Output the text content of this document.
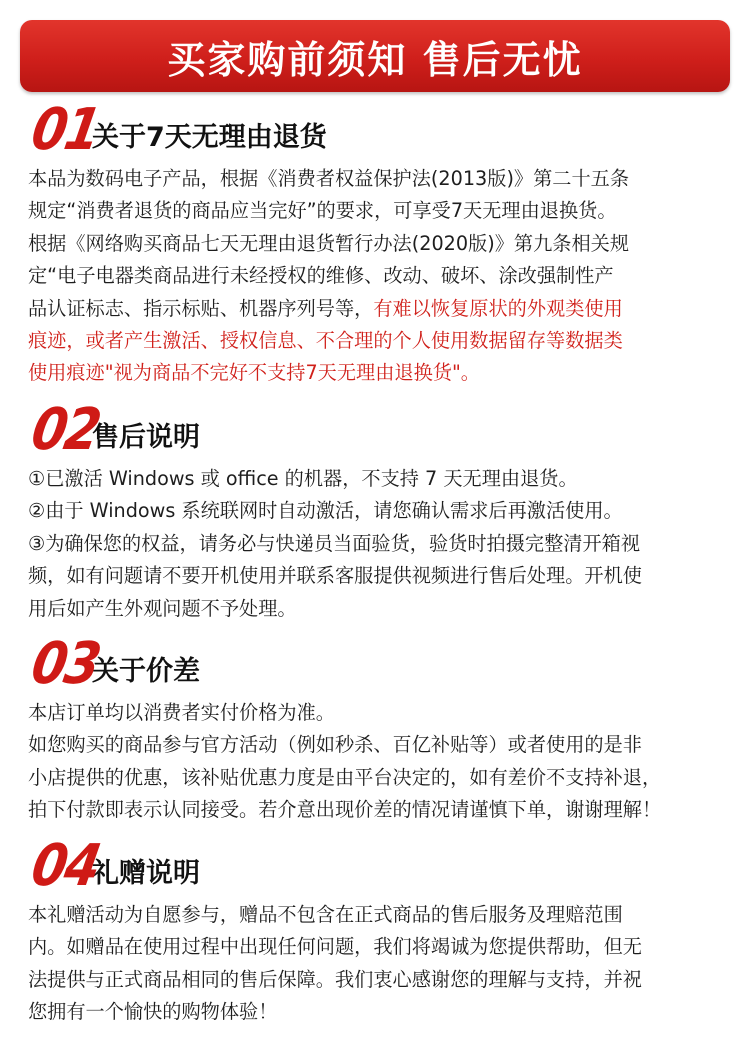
买家购前须知 售后无忧
01
关于7天无理由退货
本品为数码电子产品，根据《消费者权益保护法(2013版)》第二十五条
规定“消费者退货的商品应当完好”的要求，可享受7天无理由退换货。
根据《网络购买商品七天无理由退货暂行办法(2020版)》第九条相关规
定“电子电器类商品进行未经授权的维修、改动、破坏、涂改强制性产
品认证标志、指示标贴、机器序列号等，有难以恢复原状的外观类使用
痕迹，或者产生激活、授权信息、不合理的个人使用数据留存等数据类
使用痕迹"视为商品不完好不支持7天无理由退换货"。
02
售后说明
①已激活 Windows 或 office 的机器，不支持 7 天无理由退货。
②由于 Windows 系统联网时自动激活，请您确认需求后再激活使用。
③为确保您的权益，请务必与快递员当面验货，验货时拍摄完整清开箱视
频，如有问题请不要开机使用并联系客服提供视频进行售后处理。开机使
用后如产生外观问题不予处理。
03
关于价差
本店订单均以消费者实付价格为准。
如您购买的商品参与官方活动（例如秒杀、百亿补贴等）或者使用的是非
小店提供的优惠，该补贴优惠力度是由平台决定的，如有差价不支持补退，
拍下付款即表示认同接受。若介意出现价差的情况请谨慎下单，谢谢理解！
04
礼赠说明
本礼赠活动为自愿参与，赠品不包含在正式商品的售后服务及理赔范围
内。如赠品在使用过程中出现任何问题，我们将竭诚为您提供帮助，但无
法提供与正式商品相同的售后保障。我们衷心感谢您的理解与支持，并祝
您拥有一个愉快的购物体验！
